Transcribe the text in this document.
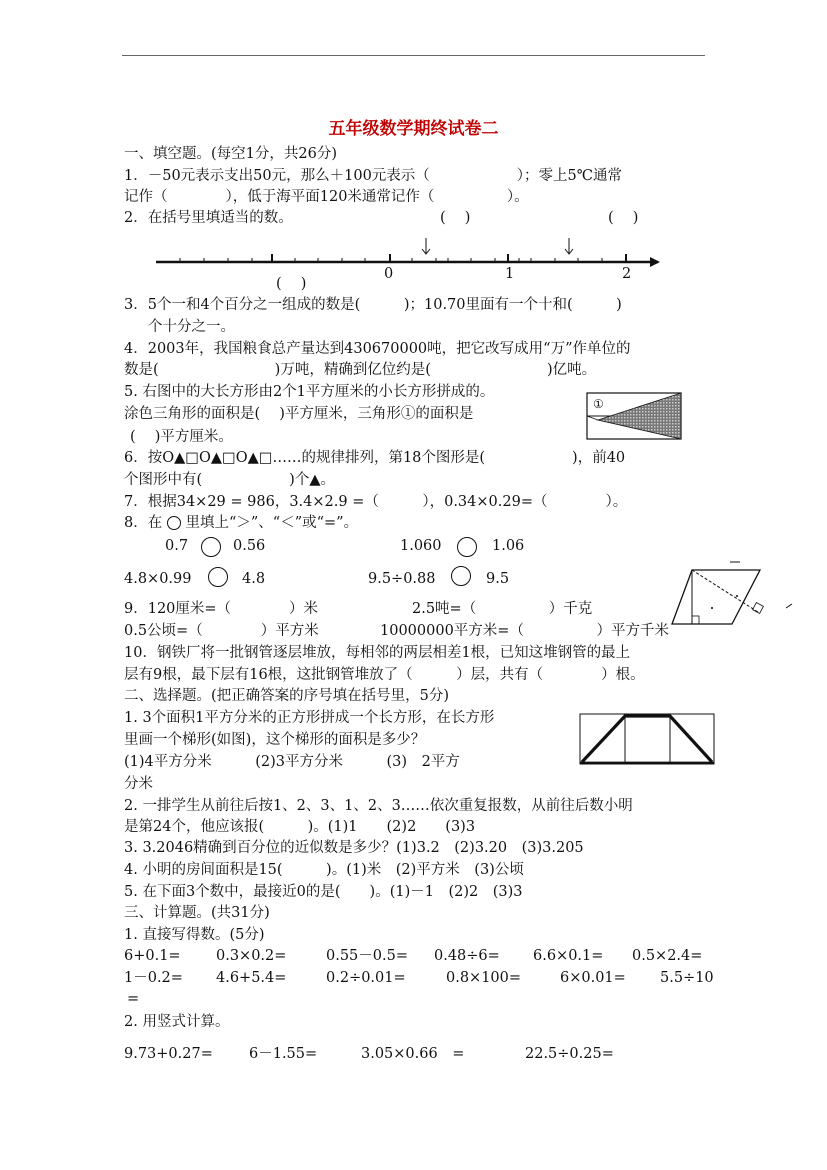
五年级数学期终试卷二
一、填空题。(每空1分，共26分)
1．－50元表示支出50元，那么＋100元表示（　　　　　　）；零上5℃通常
记作（　　　　），低于海平面120米通常记作（　　　　　）。
2．在括号里填适当的数。	(　 )	(　 )
(　 )
0	1	2
3．5个一和4个百分之一组成的数是(　　　)；10.70里面有一个十和(　　　)
个十分之一。
4．2003年，我国粮食总产量达到430670000吨，把它改写成用“万”作单位的
数是(　　　　　　　　)万吨，精确到亿位约是(　　　　　　　　)亿吨。
5. 右图中的大长方形由2个1平方厘米的小长方形拼成的。
涂色三角形的面积是(　 )平方厘米，三角形①的面积是
(　 )平方厘米。
①
6．按O▲□O▲□O▲□……的规律排列，第18个图形是(　　　　　　)，前40
个图形中有(　　　　　　)个▲。
7．根据34×29 = 986，3.4×2.9 =（　　　），0.34×0.29=（　　　　）。
8．在 里填上“＞”、“＜”或“=”。
0.7	0.56	1.060	1.06
4.8×0.99	4.8	9.5÷0.88	9.5
9．120厘米=（　　　　）米	2.5吨=（　　　　　）千克
0.5公顷=（　　　　）平方米	10000000平方米=（　　　　　）平方千米
10．钢铁厂将一批钢管逐层堆放，每相邻的两层相差1根，已知这堆钢管的最上
层有9根，最下层有16根，这批钢管堆放了（　　　）层，共有（　　　　）根。
二、选择题。(把正确答案的序号填在括号里，5分)
1. 3个面积1平方分米的正方形拼成一个长方形，在长方形
里画一个梯形(如图)，这个梯形的面积是多少？
(1)4平方分米　　　(2)3平方分米　　　(3)　2平方
分米
2. 一排学生从前往后按1、2、3、1、2、3……依次重复报数，从前往后数小明
是第24个，他应该报(　　　)。(1)1　　(2)2　　(3)3
3. 3.2046精确到百分位的近似数是多少？(1)3.2　(2)3.20　(3)3.205
4. 小明的房间面积是15(　　　)。(1)米　(2)平方米　(3)公顷
5. 在下面3个数中，最接近0的是(　　)。(1)－1　(2)2　(3)3
三、计算题。(共31分)
1. 直接写得数。(5分)
6+0.1= 0.3×0.2=	0.55－0.5= 0.48÷6= 6.6×0.1= 0.5×2.4=
1－0.2= 4.6+5.4=	0.2÷0.01=	0.8×100=	6×0.01= 5.5÷10
=
2. 用竖式计算。
9.73+0.27= 6－1.55=	3.05×0.66　=	22.5÷0.25=
